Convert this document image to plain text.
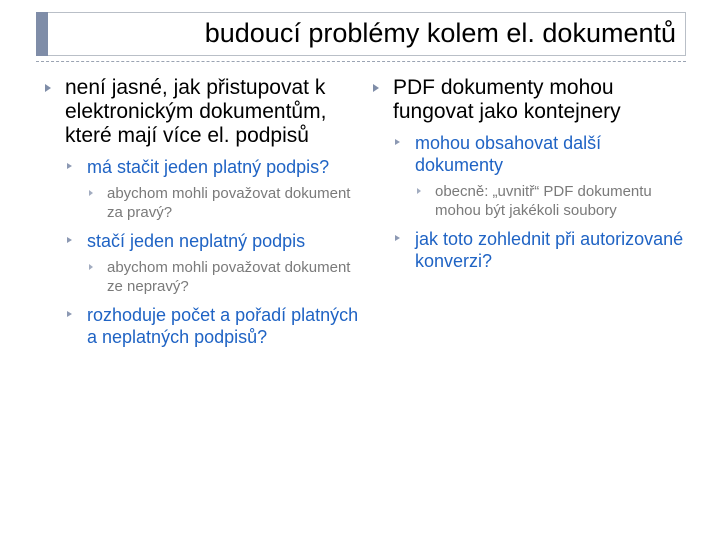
budoucí problémy kolem el. dokumentů
není jasné, jak přistupovat k elektronickým dokumentům, které mají více el. podpisů
má stačit jeden platný podpis?
abychom mohli považovat dokument za pravý?
stačí jeden neplatný podpis
abychom mohli považovat dokument ze nepravý?
rozhoduje počet a pořadí platných a neplatných podpisů?
PDF dokumenty mohou fungovat jako kontejnery
mohou obsahovat další dokumenty
obecně: „uvnitř“ PDF dokumentu mohou být jakékoli soubory
jak toto zohlednit při autorizované konverzi?
